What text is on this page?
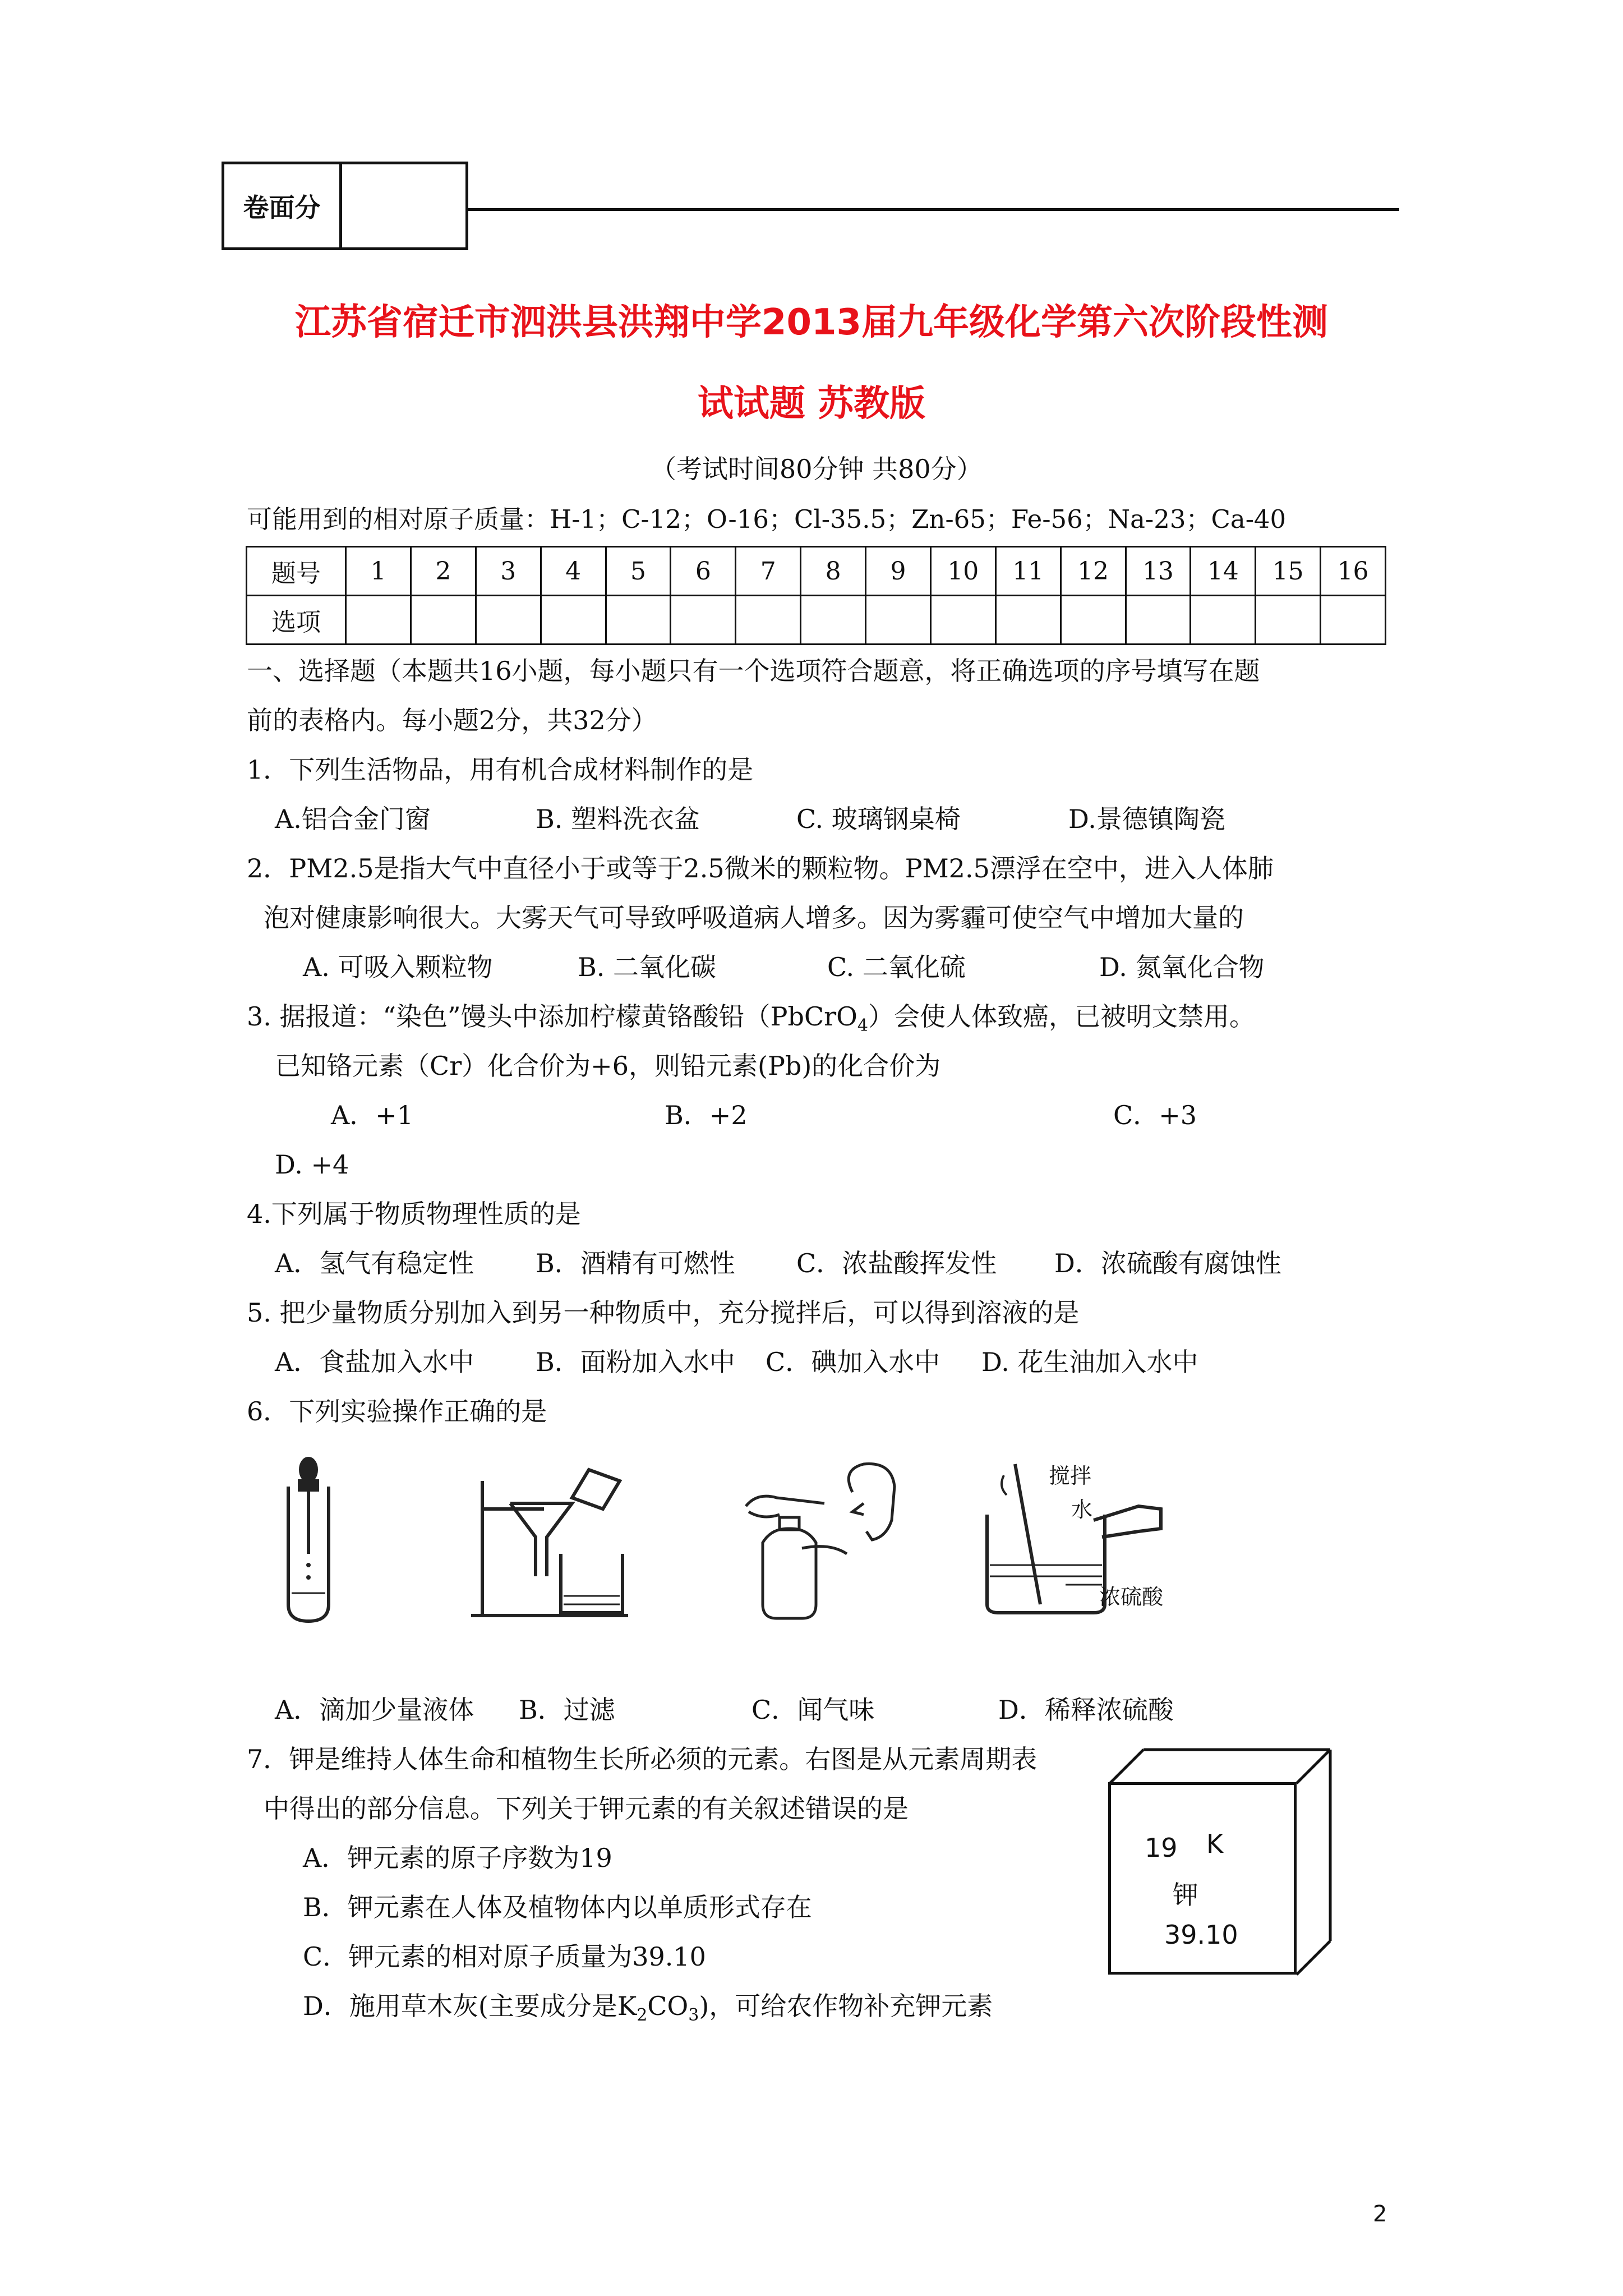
卷面分
江苏省宿迁市泗洪县洪翔中学2013届九年级化学第六次阶段性测
试试题 苏教版
（考试时间80分钟 共80分）
可能用到的相对原子质量：H-1；C-12；O-16；Cl-35.5；Zn-65；Fe-56；Na-23；Ca-40
题号	1	2	3	4	5	6	7	8	9	10	11	12	13	14	15	16
选项																
一、选择题（本题共16小题，每小题只有一个选项符合题意，将正确选项的序号填写在题
前的表格内。每小题2分，共32分）
1．下列生活物品，用有机合成材料制作的是
A.铝合金门窗	B. 塑料洗衣盆	C. 玻璃钢桌椅	D.景德镇陶瓷
2．PM2.5是指大气中直径小于或等于2.5微米的颗粒物。PM2.5漂浮在空中，进入人体肺
泡对健康影响很大。大雾天气可导致呼吸道病人增多。因为雾霾可使空气中增加大量的
A. 可吸入颗粒物	B. 二氧化碳	C. 二氧化硫	D. 氮氧化合物
3. 据报道：“染色”馒头中添加柠檬黄铬酸铅（PbCrO$_4$）会使人体致癌，已被明文禁用。
已知铬元素（Cr）化合价为+6，则铅元素(Pb)的化合价为
A．+1	B．+2	C．+3
D. +4
4.下列属于物质物理性质的是
A．氢气有稳定性 B．酒精有可燃性 C．浓盐酸挥发性 D．浓硫酸有腐蚀性
5. 把少量物质分别加入到另一种物质中，充分搅拌后，可以得到溶液的是
A．食盐加入水中 B．面粉加入水中 C．碘加入水中 D. 花生油加入水中
6．下列实验操作正确的是
搅拌
水
浓硫酸
A．滴加少量液体 B．过滤	C．闻气味	D．稀释浓硫酸
7．钾是维持人体生命和植物生长所必须的元素。右图是从元素周期表
中得出的部分信息。下列关于钾元素的有关叙述错误的是
A．钾元素的原子序数为19
B．钾元素在人体及植物体内以单质形式存在
C．钾元素的相对原子质量为39.10
D．施用草木灰(主要成分是$K_2CO_3$)，可给农作物补充钾元素
19 K
钾
39.10
2
